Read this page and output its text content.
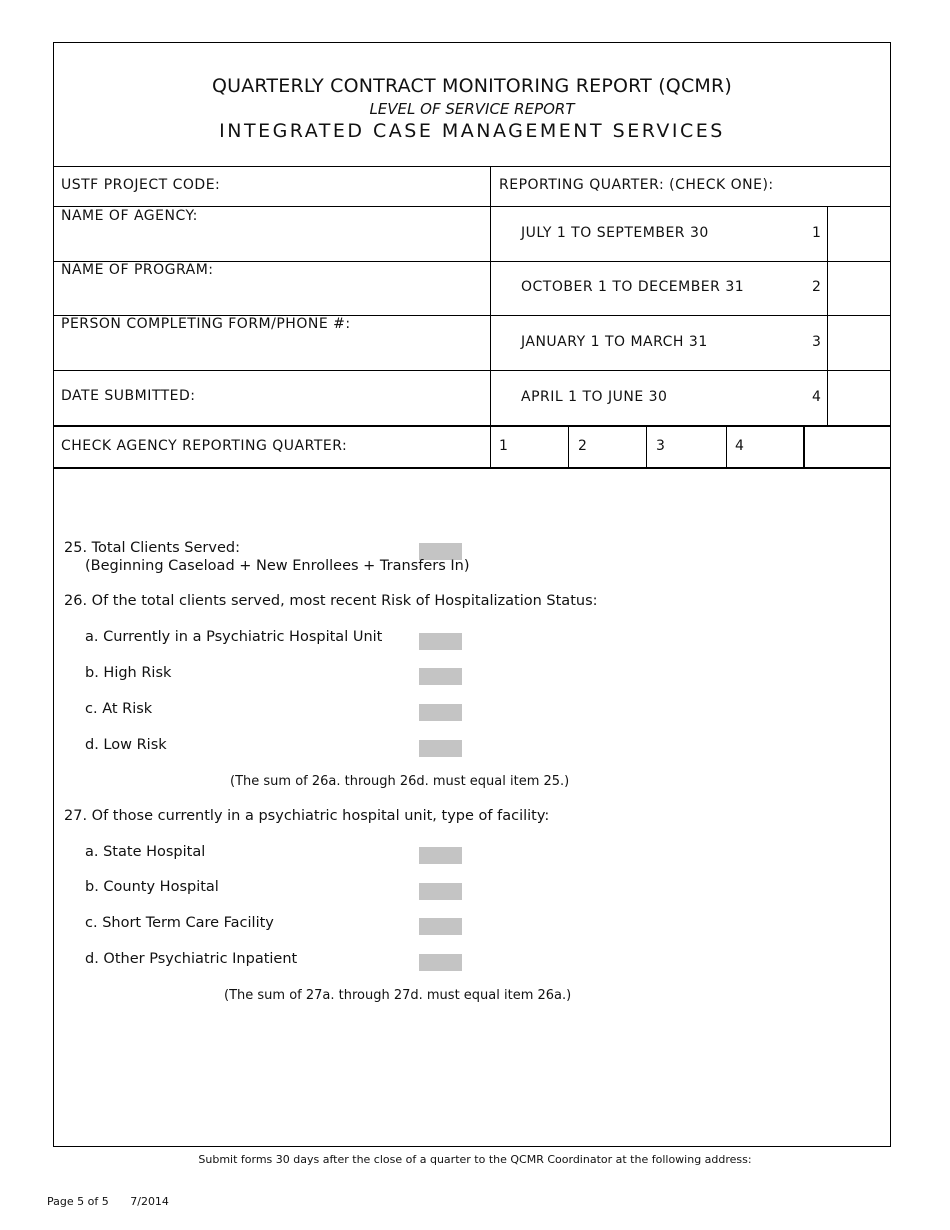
QUARTERLY CONTRACT MONITORING REPORT (QCMR)
LEVEL OF SERVICE REPORT
INTEGRATED CASE MANAGEMENT SERVICES
USTF PROJECT CODE:
NAME OF AGENCY:
NAME OF PROGRAM:
PERSON COMPLETING FORM/PHONE #:
DATE SUBMITTED:
REPORTING QUARTER: (CHECK ONE):
JULY 1 TO SEPTEMBER 30	1
OCTOBER 1 TO DECEMBER 31	2
JANUARY 1 TO MARCH 31	3
APRIL 1 TO JUNE 30	4
CHECK AGENCY REPORTING QUARTER:	1	2	3	4
25. Total Clients Served:
(Beginning Caseload + New Enrollees + Transfers In)
26. Of the total clients served, most recent Risk of Hospitalization Status:
a. Currently in a Psychiatric Hospital Unit
b. High Risk
c. At Risk
d. Low Risk
(The sum of 26a. through 26d. must equal item 25.)
27. Of those currently in a psychiatric hospital unit, type of facility:
a. State Hospital
b. County Hospital
c. Short Term Care Facility
d. Other Psychiatric Inpatient
(The sum of 27a. through 27d. must equal item 26a.)
Submit forms 30 days after the close of a quarter to the QCMR Coordinator at the following address:
Page 5 of 5 7/2014
